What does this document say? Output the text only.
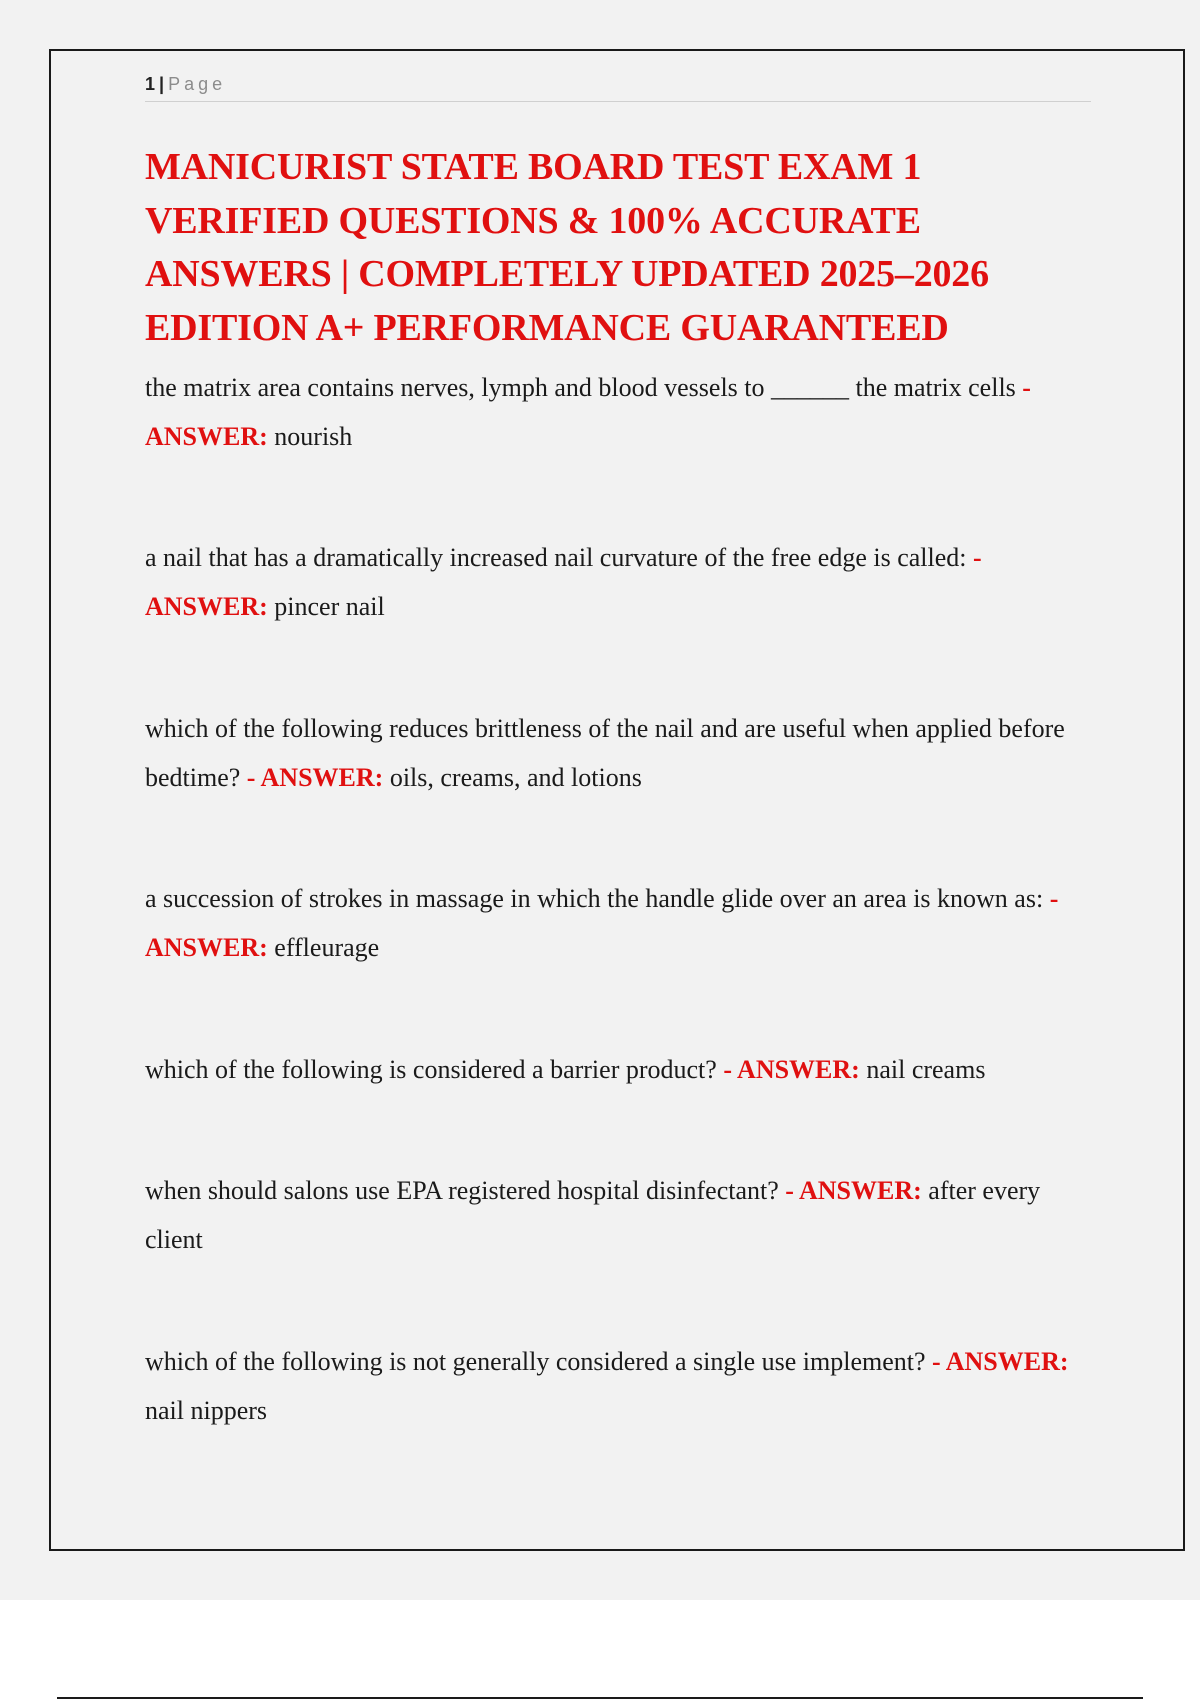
1 | Page
MANICURIST STATE BOARD TEST EXAM 1 VERIFIED QUESTIONS & 100% ACCURATE ANSWERS | COMPLETELY UPDATED 2025–2026 EDITION A+ PERFORMANCE GUARANTEED

the matrix area contains nerves, lymph and blood vessels to ______ the matrix cells - ANSWER: nourish

a nail that has a dramatically increased nail curvature of the free edge is called: - ANSWER: pincer nail

which of the following reduces brittleness of the nail and are useful when applied before bedtime? - ANSWER: oils, creams, and lotions

a succession of strokes in massage in which the handle glide over an area is known as: - ANSWER: effleurage

which of the following is considered a barrier product? - ANSWER: nail creams

when should salons use EPA registered hospital disinfectant? - ANSWER: after every client

which of the following is not generally considered a single use implement? - ANSWER: nail nippers
